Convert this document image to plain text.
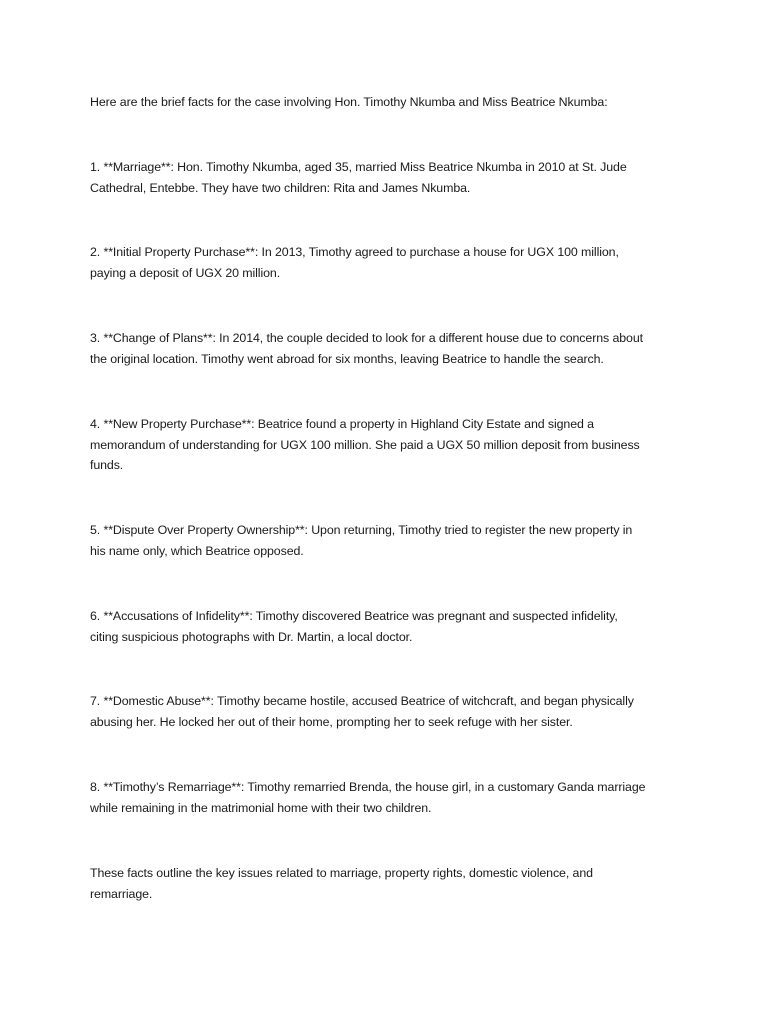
Here are the brief facts for the case involving Hon. Timothy Nkumba and Miss Beatrice Nkumba:

1. **Marriage**: Hon. Timothy Nkumba, aged 35, married Miss Beatrice Nkumba in 2010 at St. Jude
Cathedral, Entebbe. They have two children: Rita and James Nkumba.

2. **Initial Property Purchase**: In 2013, Timothy agreed to purchase a house for UGX 100 million,
paying a deposit of UGX 20 million.

3. **Change of Plans**: In 2014, the couple decided to look for a different house due to concerns about
the original location. Timothy went abroad for six months, leaving Beatrice to handle the search.

4. **New Property Purchase**: Beatrice found a property in Highland City Estate and signed a
memorandum of understanding for UGX 100 million. She paid a UGX 50 million deposit from business
funds.

5. **Dispute Over Property Ownership**: Upon returning, Timothy tried to register the new property in
his name only, which Beatrice opposed.

6. **Accusations of Infidelity**: Timothy discovered Beatrice was pregnant and suspected infidelity,
citing suspicious photographs with Dr. Martin, a local doctor.

7. **Domestic Abuse**: Timothy became hostile, accused Beatrice of witchcraft, and began physically
abusing her. He locked her out of their home, prompting her to seek refuge with her sister.

8. **Timothy’s Remarriage**: Timothy remarried Brenda, the house girl, in a customary Ganda marriage
while remaining in the matrimonial home with their two children.

These facts outline the key issues related to marriage, property rights, domestic violence, and
remarriage.
